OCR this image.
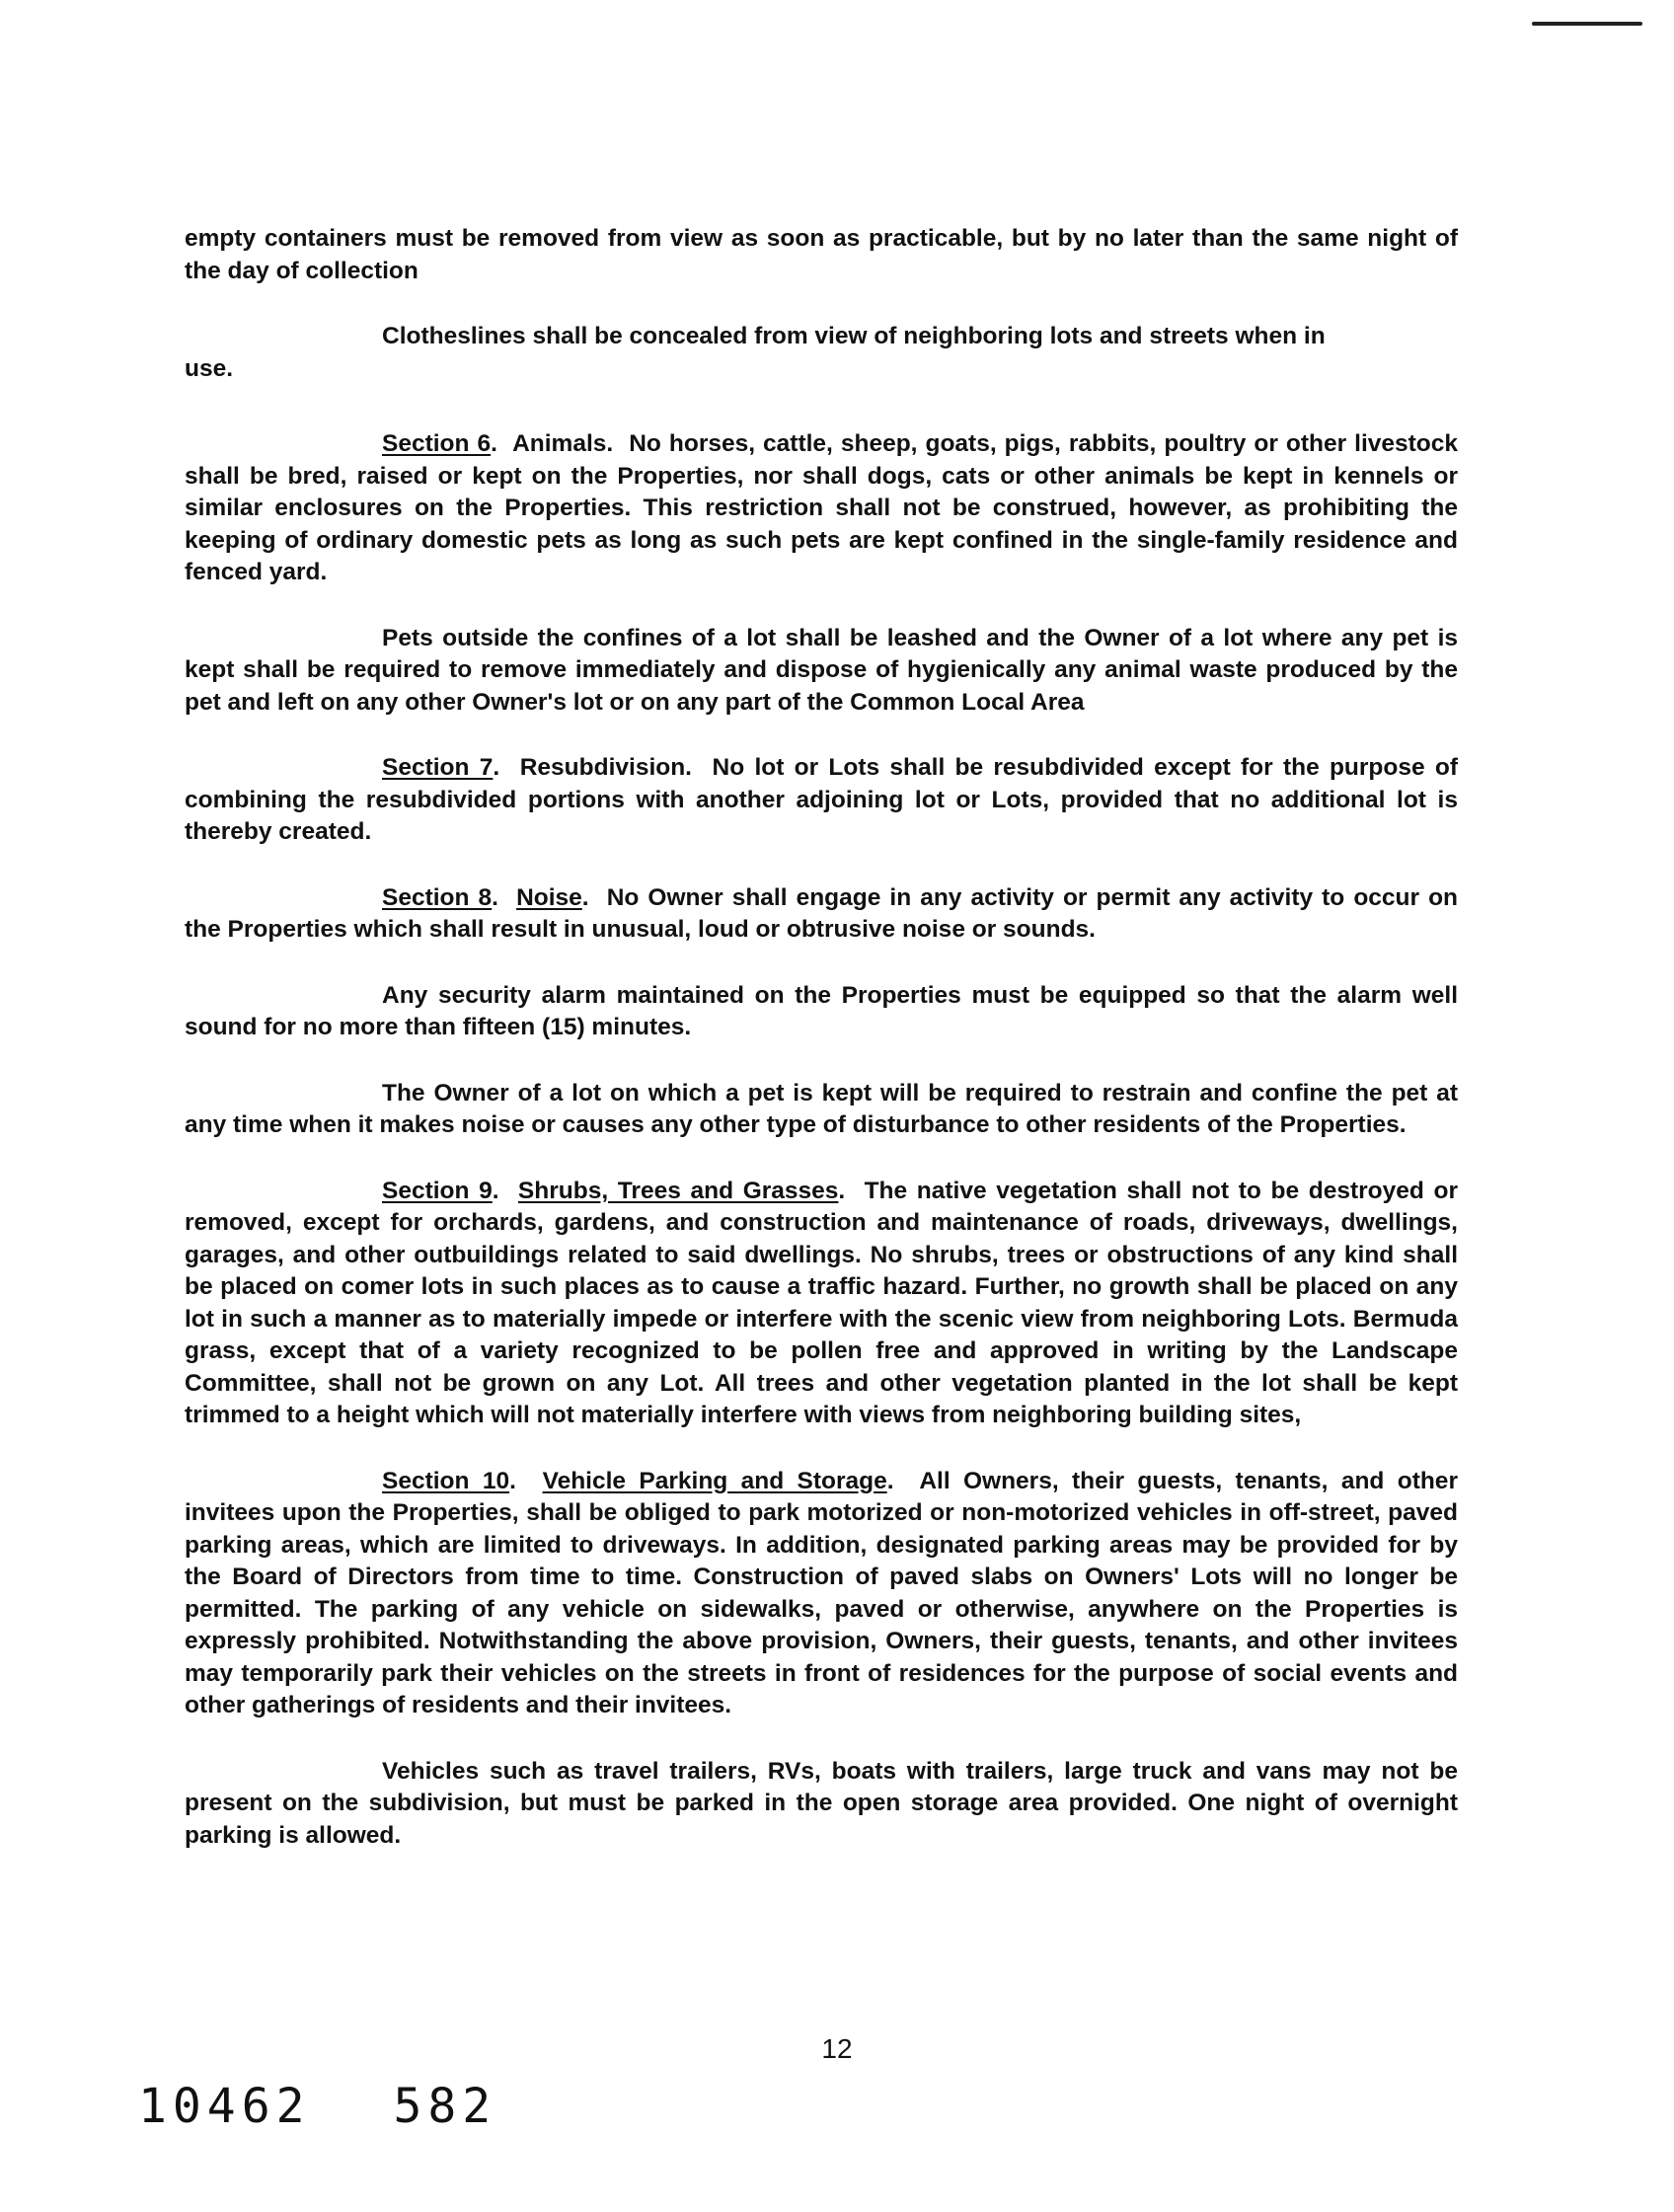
empty containers must be removed from view as soon as practicable, but by no later than the same night of the day of collection

Clotheslines shall be concealed from view of neighboring lots and streets when in
use.

Section 6.  Animals. No horses, cattle, sheep, goats, pigs, rabbits, poultry or other livestock shall be bred, raised or kept on the Properties, nor shall dogs, cats or other animals be kept in kennels or similar enclosures on the Properties. This restriction shall not be construed, however, as prohibiting the keeping of ordinary domestic pets as long as such pets are kept confined in the single-family residence and fenced yard.

Pets outside the confines of a lot shall be leashed and the Owner of a lot where any pet is kept shall be required to remove immediately and dispose of hygienically any animal waste produced by the pet and left on any other Owner's lot or on any part of the Common Local Area

Section 7.  Resubdivision. No lot or Lots shall be resubdivided except for the purpose of combining the resubdivided portions with another adjoining lot or Lots, provided that no additional lot is thereby created.

Section 8.  Noise.  No Owner shall engage in any activity or permit any activity to occur on the Properties which shall result in unusual, loud or obtrusive noise or sounds.

Any security alarm maintained on the Properties must be equipped so that the alarm well sound for no more than fifteen (15) minutes.

The Owner of a lot on which a pet is kept will be required to restrain and confine the pet at any time when it makes noise or causes any other type of disturbance to other residents of the Properties.

Section 9.  Shrubs, Trees and Grasses.  The native vegetation shall not to be destroyed or removed, except for orchards, gardens, and construction and maintenance of roads, driveways, dwellings, garages, and other outbuildings related to said dwellings. No shrubs, trees or obstructions of any kind shall be placed on comer lots in such places as to cause a traffic hazard. Further, no growth shall be placed on any lot in such a manner as to materially impede or interfere with the scenic view from neighboring Lots. Bermuda grass, except that of a variety recognized to be pollen free and approved in writing by the Landscape Committee, shall not be grown on any Lot. All trees and other vegetation planted in the lot shall be kept trimmed to a height which will not materially interfere with views from neighboring building sites,

Section 10.  Vehicle Parking and Storage.  All Owners, their guests, tenants, and other invitees upon the Properties, shall be obliged to park motorized or non-motorized vehicles in off-street, paved parking areas, which are limited to driveways. In addition, designated parking areas may be provided for by the Board of Directors from time to time. Construction of paved slabs on Owners' Lots will no longer be permitted. The parking of any vehicle on sidewalks, paved or otherwise, anywhere on the Properties is expressly prohibited. Notwithstanding the above provision, Owners, their guests, tenants, and other invitees may temporarily park their vehicles on the streets in front of residences for the purpose of social events and other gatherings of residents and their invitees.

Vehicles such as travel trailers, RVs, boats with trailers, large truck and vans may not be present on the subdivision, but must be parked in the open storage area provided. One night of overnight parking is allowed.

12
10462 582
